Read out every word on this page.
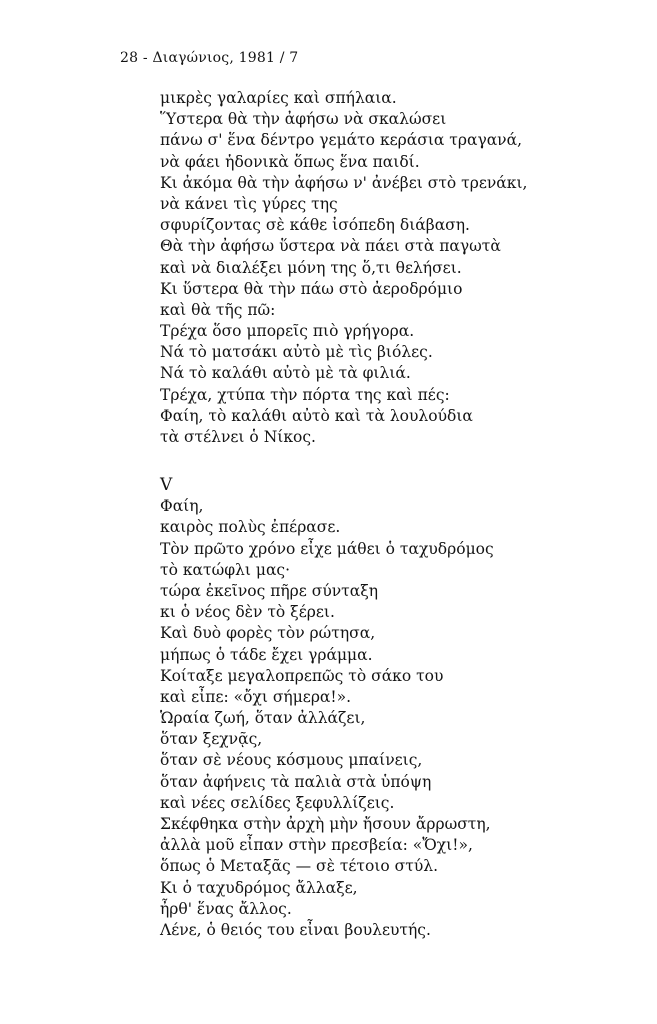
28 - Διαγώνιος, 1981 / 7
μικρὲς γαλαρίες καὶ σπήλαια.
Ὕστερα θὰ τὴν ἀφήσω νὰ σκαλώσει
πάνω σ' ἕνα δέντρο γεμάτο κεράσια τραγανά,
νὰ φάει ἡδονικὰ ὅπως ἕνα παιδί.
Κι ἀκόμα θὰ τὴν ἀφήσω ν' ἀνέβει στὸ τρενάκι,
νὰ κάνει τὶς γύρες της
σφυρίζοντας σὲ κάθε ἰσόπεδη διάβαση.
Θὰ τὴν ἀφήσω ὕστερα νὰ πάει στὰ παγωτὰ
καὶ νὰ διαλέξει μόνη της ὅ,τι θελήσει.
Κι ὕστερα θὰ τὴν πάω στὸ ἀεροδρόμιο
καὶ θὰ τῆς πῶ:
Τρέχα ὅσο μπορεῖς πιὸ γρήγορα.
Νά τὸ ματσάκι αὐτὸ μὲ τὶς βιόλες.
Νά τὸ καλάθι αὐτὸ μὲ τὰ φιλιά.
Τρέχα, χτύπα τὴν πόρτα της καὶ πές:
Φαίη, τὸ καλάθι αὐτὸ καὶ τὰ λουλούδια
τὰ στέλνει ὁ Νίκος.
V
Φαίη,
καιρὸς πολὺς ἐπέρασε.
Τὸν πρῶτο χρόνο εἶχε μάθει ὁ ταχυδρόμος
τὸ κατώφλι μας·
τώρα ἐκεῖνος πῆρε σύνταξη
κι ὁ νέος δὲν τὸ ξέρει.
Καὶ δυὸ φορὲς τὸν ρώτησα,
μήπως ὁ τάδε ἔχει γράμμα.
Κοίταξε μεγαλοπρεπῶς τὸ σάκο του
καὶ εἶπε: «ὄχι σήμερα!».
Ὡραία ζωή, ὅταν ἀλλάζει,
ὅταν ξεχνᾷς,
ὅταν σὲ νέους κόσμους μπαίνεις,
ὅταν ἀφήνεις τὰ παλιὰ στὰ ὑπόψη
καὶ νέες σελίδες ξεφυλλίζεις.
Σκέφθηκα στὴν ἀρχὴ μὴν ἤσουν ἄρρωστη,
ἀλλὰ μοῦ εἶπαν στὴν πρεσβεία: «Ὄχι!»,
ὅπως ὁ Μεταξᾶς — σὲ τέτοιο στύλ.
Κι ὁ ταχυδρόμος ἄλλαξε,
ἦρθ' ἕνας ἄλλος.
Λένε, ὁ θειός του εἶναι βουλευτής.
